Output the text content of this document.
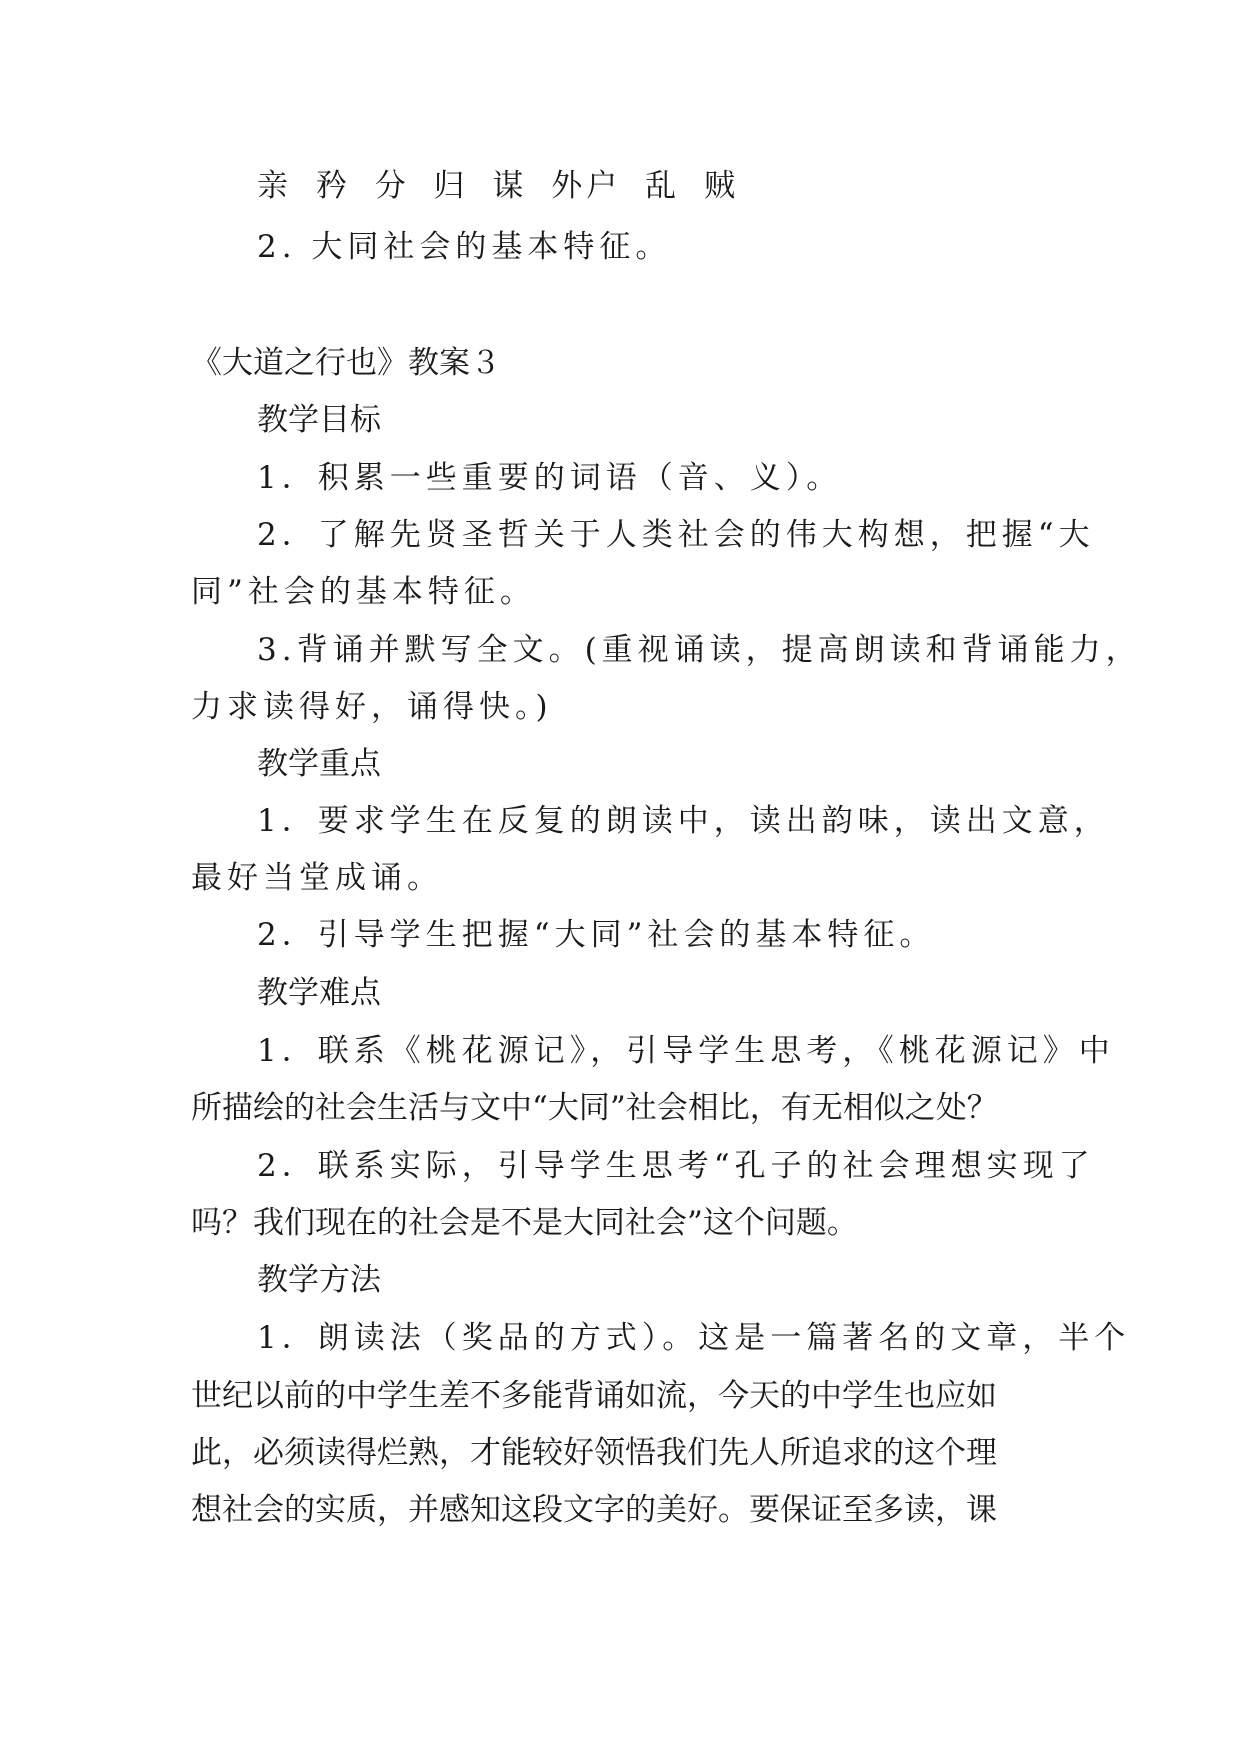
亲 矜 分 归 谋 外户 乱 贼
2. 大同社会的基本特征。
《大道之行也》教案３
教学目标
1．积累一些重要的词语（音、义）。
2．了解先贤圣哲关于人类社会的伟大构想，把握“大
同”社会的基本特征。
3.背诵并默写全文。(重视诵读，提高朗读和背诵能力，
力求读得好，诵得快。)
教学重点
1．要求学生在反复的朗读中，读出韵味，读出文意，
最好当堂成诵。
2．引导学生把握“大同”社会的基本特征。
教学难点
1．联系《桃花源记》，引导学生思考，《桃花源记》中
所描绘的社会生活与文中“大同”社会相比，有无相似之处？
2．联系实际，引导学生思考“孔子的社会理想实现了
吗？我们现在的社会是不是大同社会”这个问题。
教学方法
1．朗读法（奖品的方式）。这是一篇著名的文章，半个
世纪以前的中学生差不多能背诵如流，今天的中学生也应如
此，必须读得烂熟，才能较好领悟我们先人所追求的这个理
想社会的实质，并感知这段文字的美好。要保证至多读，课
